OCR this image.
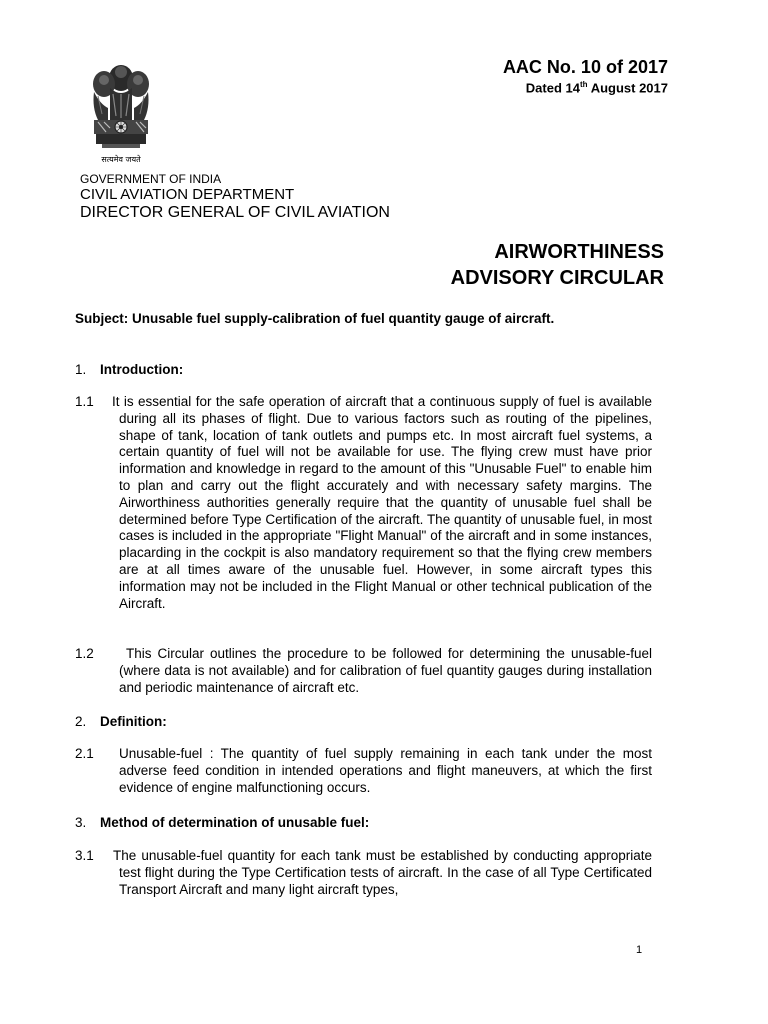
सत्यमेव जयते
AAC No. 10 of 2017
Dated 14th August 2017
GOVERNMENT OF INDIA
CIVIL AVIATION DEPARTMENT
DIRECTOR GENERAL OF CIVIL AVIATION
AIRWORTHINESS
ADVISORY CIRCULAR
Subject: Unusable fuel supply-calibration of fuel quantity gauge of aircraft.
1. Introduction:
1.1 It is essential for the safe operation of aircraft that a continuous supply of fuel is available during all its phases of flight. Due to various factors such as routing of the pipelines, shape of tank, location of tank outlets and pumps etc. In most aircraft fuel systems, a certain quantity of fuel will not be available for use. The flying crew must have prior information and knowledge in regard to the amount of this "Unusable Fuel" to enable him to plan and carry out the flight accurately and with necessary safety margins. The Airworthiness authorities generally require that the quantity of unusable fuel shall be determined before Type Certification of the aircraft. The quantity of unusable fuel, in most cases is included in the appropriate "Flight Manual" of the aircraft and in some instances, placarding in the cockpit is also mandatory requirement so that the flying crew members are at all times aware of the unusable fuel. However, in some aircraft types this information may not be included in the Flight Manual or other technical publication of the Aircraft.
1.2	This Circular outlines the procedure to be followed for determining the unusable-fuel (where data is not available) and for calibration of fuel quantity gauges during installation and periodic maintenance of aircraft etc.
2. Definition:
2.1 Unusable-fuel : The quantity of fuel supply remaining in each tank under the most adverse feed condition in intended operations and flight maneuvers, at which the first evidence of engine malfunctioning occurs.
3. Method of determination of unusable fuel:
3.1 The unusable-fuel quantity for each tank must be established by conducting appropriate test flight during the Type Certification tests of aircraft. In the case of all Type Certificated Transport Aircraft and many light aircraft types,
1
